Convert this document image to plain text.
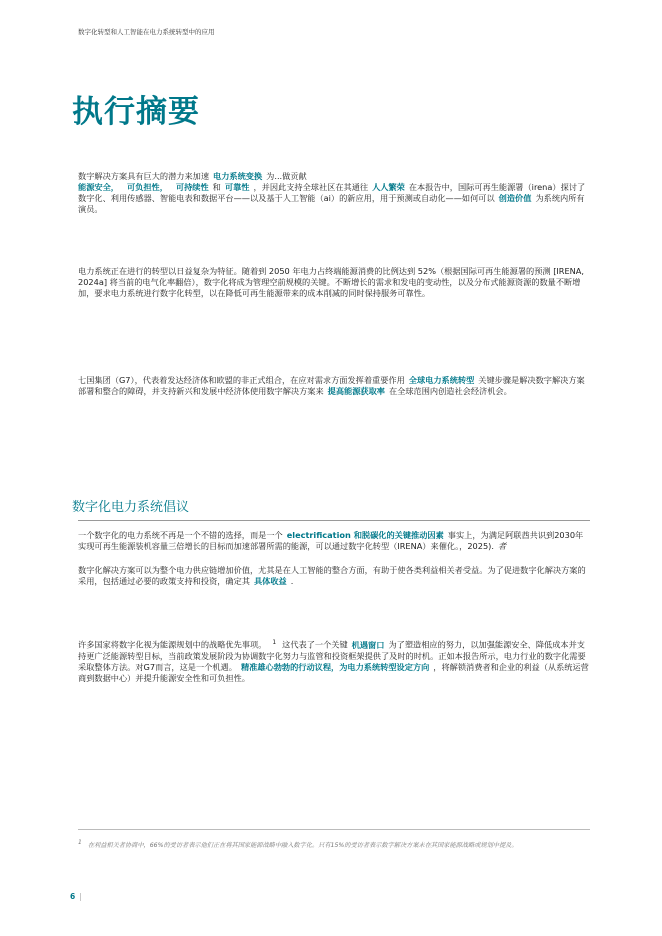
数字化转型和人工智能在电力系统转型中的应用
执行摘要

数字解决方案具有巨大的潜力来加速 电力系统变换 为...做贡献
能源安全， 可负担性， 可持续性 和 可靠性 ，并因此支持全球社区在其通往 人人繁荣 在本报告中，国际可再生能源署（irena）探讨了数字化、利用传感器、智能电表和数据平台——以及基于人工智能（ai）的新应用，用于预测或自动化——如何可以 创造价值 为系统内所有演员。

电力系统正在进行的转型以日益复杂为特征。随着到 2050 年电力占终端能源消费的比例达到 52%（根据国际可再生能源署的预测 [IRENA, 2024a] 将当前的电气化率翻倍），数字化将成为管理空前规模的关键。不断增长的需求和发电的变动性，以及分布式能源资源的数量不断增加，要求电力系统进行数字化转型，以在降低可再生能源带来的成本削减的同时保持服务可靠性。

七国集团（G7），代表着发达经济体和欧盟的非正式组合，在应对需求方面发挥着重要作用 全球电力系统转型 关键步骤是解决数字解决方案部署和整合的障碍，并支持新兴和发展中经济体使用数字解决方案来 提高能源获取率 在全球范围内创造社会经济机会。

数字化电力系统倡议

一个数字化的电力系统不再是一个不错的选择，而是一个 electrification 和脱碳化的关键推动因素 事实上，为满足阿联酋共识到2030年实现可再生能源装机容量三倍增长的目标而加速部署所需的能源，可以通过数字化转型（IRENA）来催化。，2025). 者

数字化解决方案可以为整个电力供应链增加价值，尤其是在人工智能的整合方面，有助于使各类利益相关者受益。为了促进数字化解决方案的采用，包括通过必要的政策支持和投资，确定其 具体收益 .

许多国家将数字化视为能源规划中的战略优先事项。 $^1$ 这代表了一个关键 机遇窗口 为了塑造相应的努力，以加强能源安全、降低成本并支持更广泛能源转型目标，当前政策发展阶段为协调数字化努力与监管和投资框架提供了及时的时机。正如本报告所示，电力行业的数字化需要采取整体方法。对G7而言，这是一个机遇。 精准雄心勃勃的行动议程，为电力系统转型设定方向 ，将解锁消费者和企业的利益（从系统运营商到数据中心）并提升能源安全性和可负担性。

1 在利益相关者协商中，66%的受访者表示他们正在将其国家能源战略中融入数字化。只有15%的受访者表示数字解决方案未在其国家能源战略或规划中提及。

6 |
